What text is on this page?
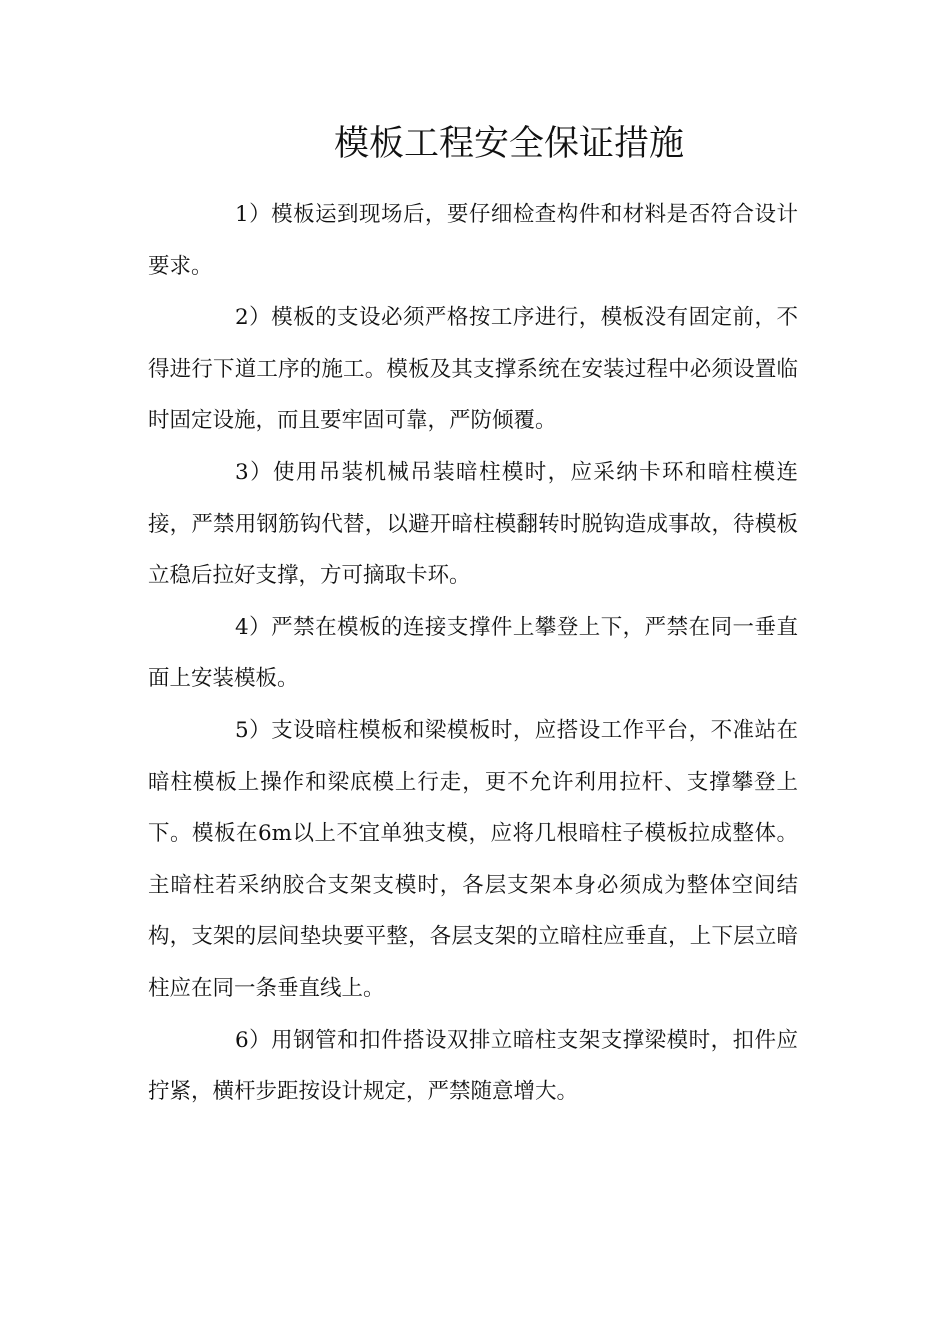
模板工程安全保证措施

1）模板运到现场后，要仔细检查构件和材料是否符合设计要求。

2）模板的支设必须严格按工序进行，模板没有固定前，不得进行下道工序的施工。模板及其支撑系统在安装过程中必须设置临时固定设施，而且要牢固可靠，严防倾覆。

3）使用吊装机械吊装暗柱模时，应采纳卡环和暗柱模连接，严禁用钢筋钩代替，以避开暗柱模翻转时脱钩造成事故，待模板立稳后拉好支撑，方可摘取卡环。

4）严禁在模板的连接支撑件上攀登上下，严禁在同一垂直面上安装模板。

5）支设暗柱模板和梁模板时，应搭设工作平台，不准站在暗柱模板上操作和梁底模上行走，更不允许利用拉杆、支撑攀登上下。模板在6m以上不宜单独支模，应将几根暗柱子模板拉成整体。主暗柱若采纳胶合支架支模时，各层支架本身必须成为整体空间结构，支架的层间垫块要平整，各层支架的立暗柱应垂直，上下层立暗柱应在同一条垂直线上。

6）用钢管和扣件搭设双排立暗柱支架支撑梁模时，扣件应拧紧，横杆步距按设计规定，严禁随意增大。
